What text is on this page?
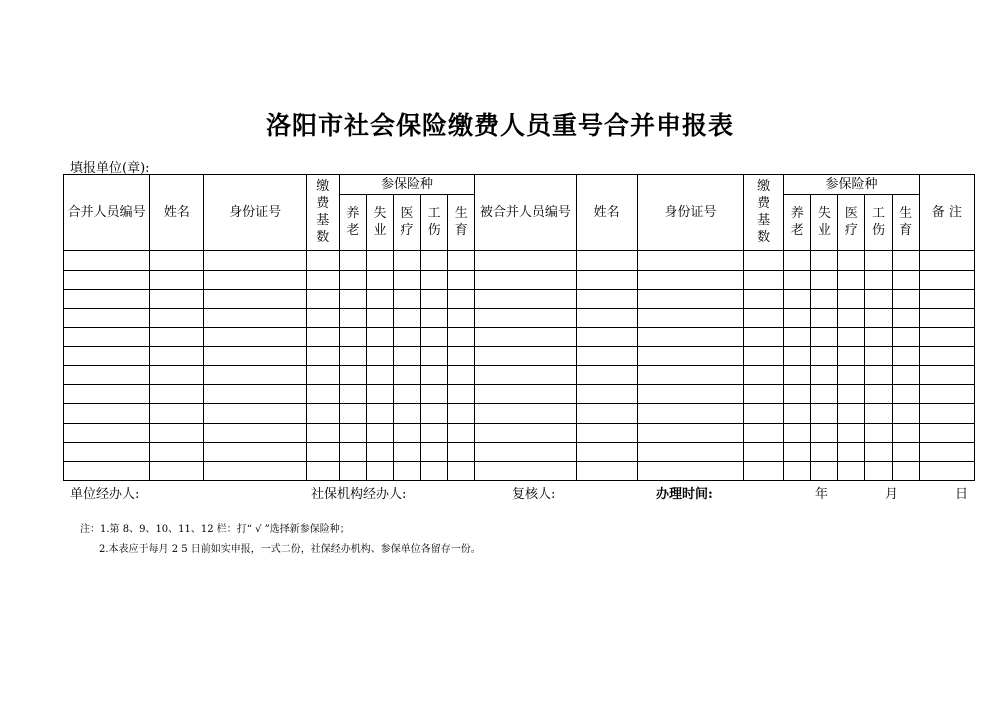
洛阳市社会保险缴费人员重号合并申报表
填报单位(章):
合并人员编号	姓名	身份证号	缴费基数	参保险种					被合并人员编号	姓名	身份证号	缴费基数	参保险种					备 注
				养老	失业	医疗	工伤	生育					养老	失业	医疗	工伤	生育	

单位经办人:	社保机构经办人:	复核人:	办理时间:	年	月	日
注：1.第 8、9、10、11、12 栏：打“ √ ”选择新参保险种；
2.本表应于每月 2 5 日前如实申报，一式二份，社保经办机构、参保单位各留存一份。
